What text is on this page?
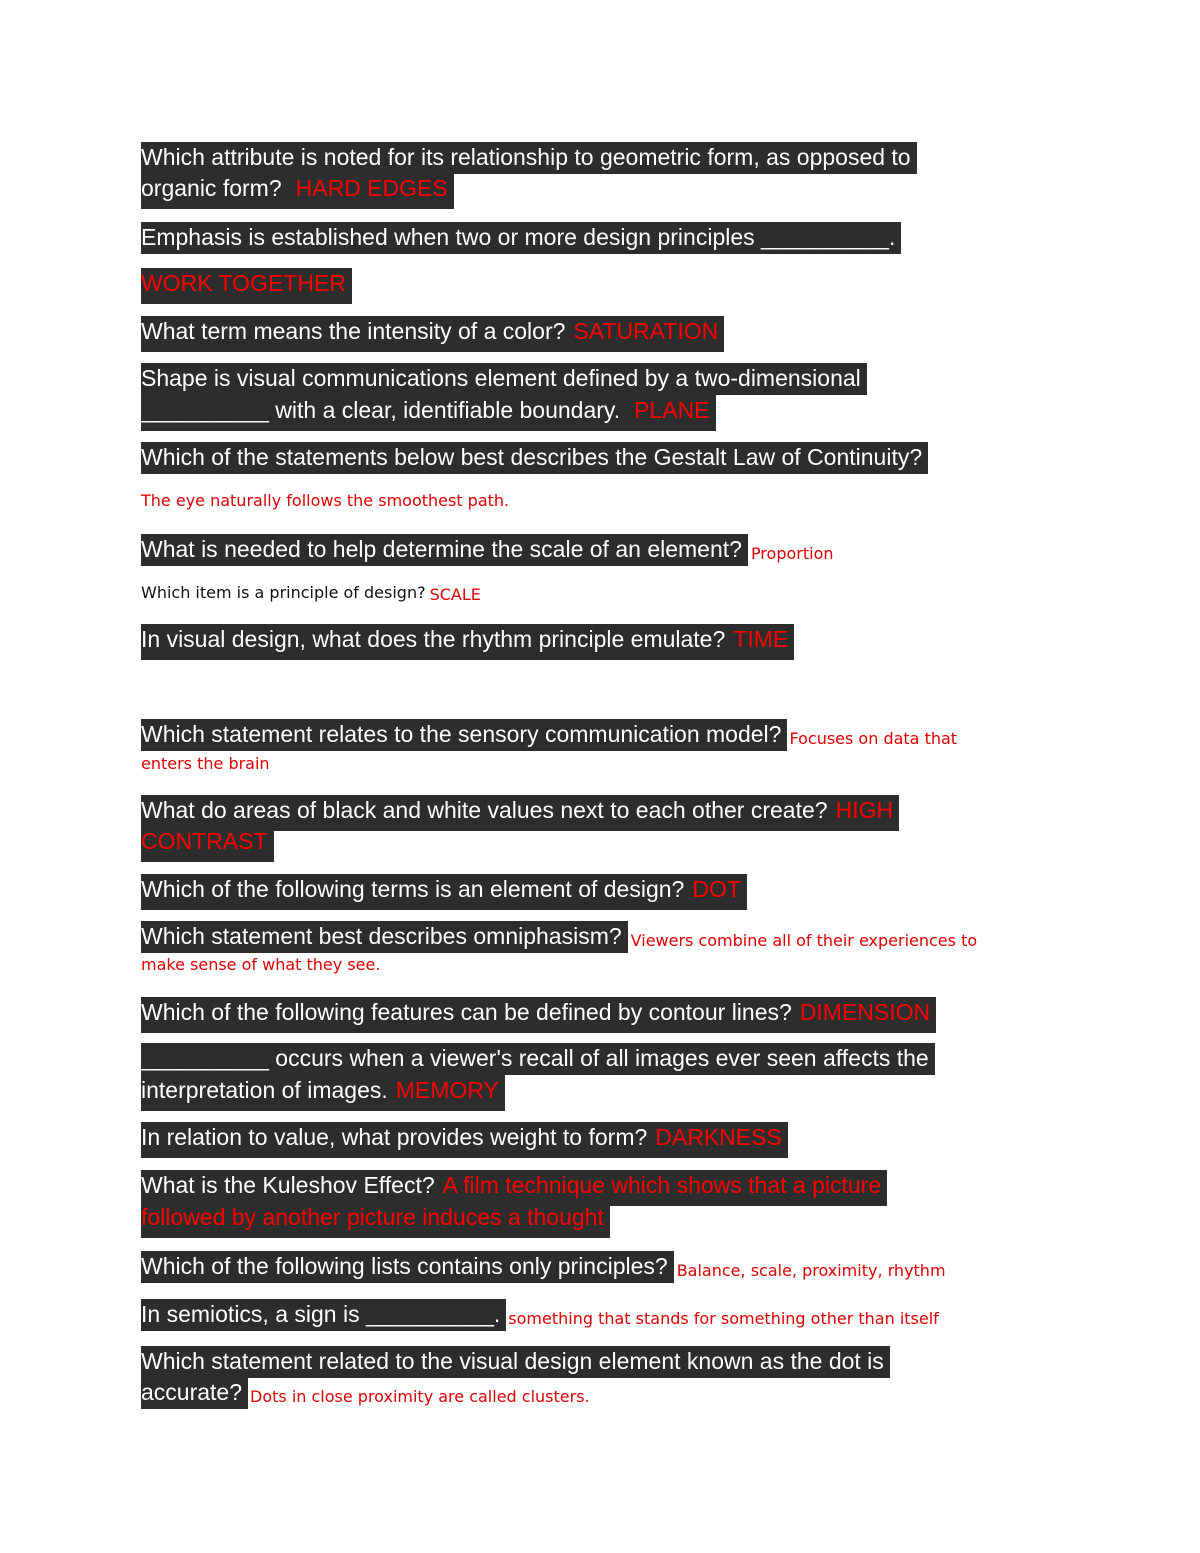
Which attribute is noted for its relationship to geometric form, as opposed to
organic form? HARD EDGES
Emphasis is established when two or more design principles __________.
WORK TOGETHER
What term means the intensity of a color? SATURATION
Shape is visual communications element defined by a two-dimensional
__________ with a clear, identifiable boundary. PLANE
Which of the statements below best describes the Gestalt Law of Continuity?
The eye naturally follows the smoothest path.
What is needed to help determine the scale of an element? Proportion
Which item is a principle of design? SCALE
In visual design, what does the rhythm principle emulate? TIME
Which statement relates to the sensory communication model? Focuses on data that
enters the brain
What do areas of black and white values next to each other create? HIGH
CONTRAST
Which of the following terms is an element of design? DOT
Which statement best describes omniphasism? Viewers combine all of their experiences to
make sense of what they see.
Which of the following features can be defined by contour lines? DIMENSION
__________ occurs when a viewer's recall of all images ever seen affects the
interpretation of images. MEMORY
In relation to value, what provides weight to form? DARKNESS
What is the Kuleshov Effect? A film technique which shows that a picture
followed by another picture induces a thought
Which of the following lists contains only principles? Balance, scale, proximity, rhythm
In semiotics, a sign is __________. something that stands for something other than itself
Which statement related to the visual design element known as the dot is
accurate? Dots in close proximity are called clusters.
